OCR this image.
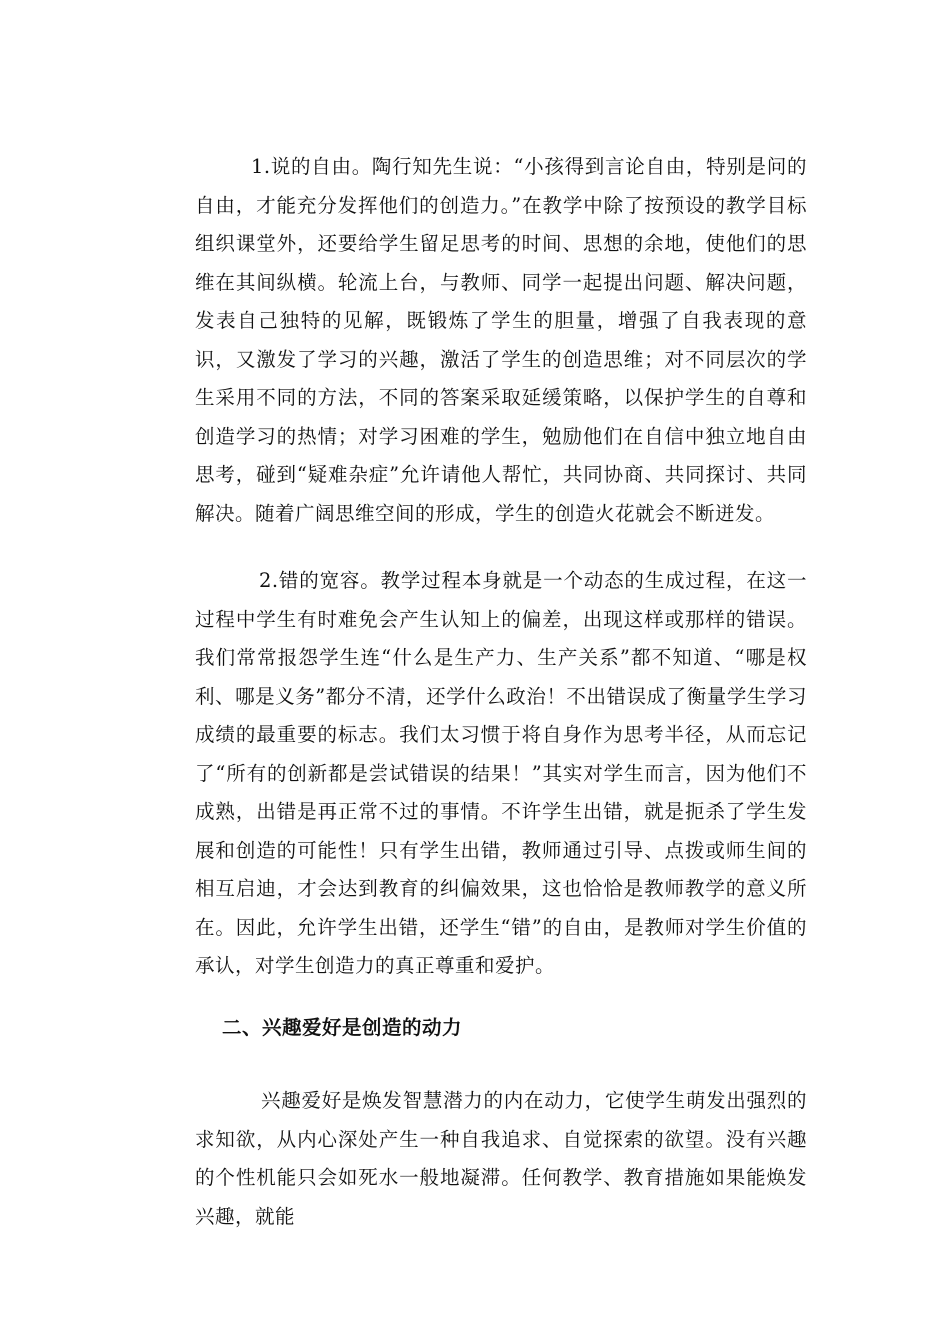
1.说的自由。陶行知先生说：“小孩得到言论自由，特别是问的自由，才能充分发挥他们的创造力。”在教学中除了按预设的教学目标组织课堂外，还要给学生留足思考的时间、思想的余地，使他们的思维在其间纵横。轮流上台，与教师、同学一起提出问题、解决问题，发表自己独特的见解，既锻炼了学生的胆量，增强了自我表现的意识，又激发了学习的兴趣，激活了学生的创造思维；对不同层次的学生采用不同的方法，不同的答案采取延缓策略，以保护学生的自尊和创造学习的热情；对学习困难的学生，勉励他们在自信中独立地自由思考，碰到“疑难杂症”允许请他人帮忙，共同协商、共同探讨、共同解决。随着广阔思维空间的形成，学生的创造火花就会不断迸发。

2.错的宽容。教学过程本身就是一个动态的生成过程，在这一过程中学生有时难免会产生认知上的偏差，出现这样或那样的错误。我们常常报怨学生连“什么是生产力、生产关系”都不知道、“哪是权利、哪是义务”都分不清，还学什么政治！不出错误成了衡量学生学习成绩的最重要的标志。我们太习惯于将自身作为思考半径，从而忘记了“所有的创新都是尝试错误的结果！”其实对学生而言，因为他们不成熟，出错是再正常不过的事情。不许学生出错，就是扼杀了学生发展和创造的可能性！只有学生出错，教师通过引导、点拨或师生间的相互启迪，才会达到教育的纠偏效果，这也恰恰是教师教学的意义所在。因此，允许学生出错，还学生“错”的自由，是教师对学生价值的承认，对学生创造力的真正尊重和爱护。

二、兴趣爱好是创造的动力

兴趣爱好是焕发智慧潜力的内在动力，它使学生萌发出强烈的求知欲，从内心深处产生一种自我追求、自觉探索的欲望。没有兴趣的个性机能只会如死水一般地凝滞。任何教学、教育措施如果能焕发兴趣，就能
